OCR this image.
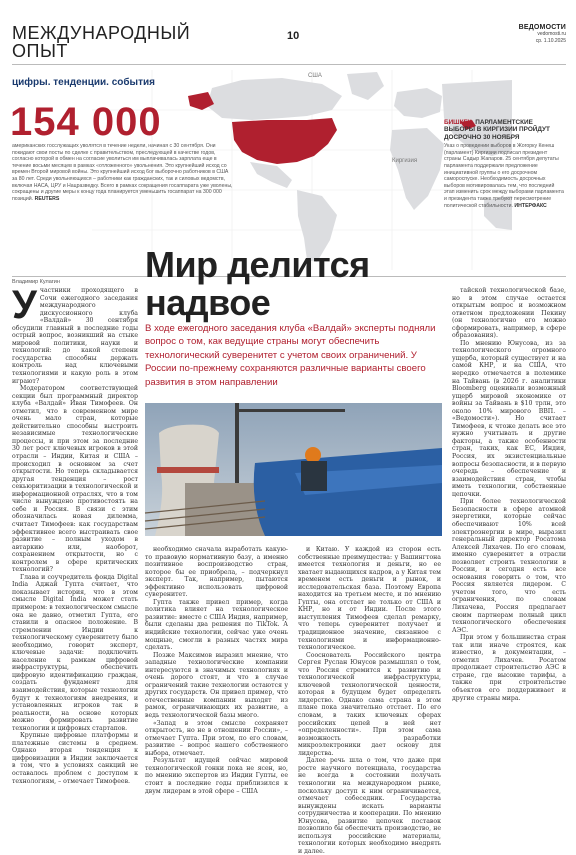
МЕЖДУНАРОДНЫЙ ОПЫТ
10
ВЕДОМОСТИ
vedomosti.ru
ср. 1.10.2025
США
Киргизия
цифры. тенденции. события
154 000
американских госслужащих уволятся в течение недели, начиная с 30 сентября. Они покидают свои посты по сделке с правительством, преследующей в качестве годов, согласно которой в обмен на согласие уволиться им выплачивалась зарплата еще в течение восьми месяцев в рамках «отложенного» увольнения. Это крупнейший исход со времен Второй мировой войны. Это крупнейший исход 6ог выборочно работников в США за 80 лет. Среди увольняющихся – работники как гражданских, так и силовых ведомств, включая НАСА, ЦРУ и Нацразведку. Всего в рамках сокращения госаппарата уже уволены, сокращены и другие меры к концу года планируется уменьшить госаппарат на 300 000 позиций. REUTERS
БИШКЕК. ПАРЛАМЕНТСКИЕ ВЫБОРЫ В КИРГИЗИИ ПРОЙДУТ ДОСРОЧНО 30 НОЯБРЯ
Указ о проведении выборов в Жогорку Кенеш (парламент) Киргизии подписал президент страны Садыр Жапаров. 25 сентября депутаты парламента поддержали предложение инициативной группы о его досрочном самороспуске. Необходимость досрочных выборов мотивировалась тем, что последний этап изменить срок между выборами парламента и президента также требуют пересмотрение политической стабильности. ИНТЕРФАКС
Владимир Кулагин Мир делится надвое
В ходе ежегодного заседания клуба «Валдай» эксперты подняли вопрос о том, как ведущие страны могут обеспечить технологический суверенитет с учетом своих ограничений. У России по-прежнему сохраняются различные варианты своего развития в этом направлении

Участники проходящего в Сочи ежегодного заседания международного дискуссионного клуба «Валдай» 30 сентября обсудили главный в последние годы острый вопрос, возникший на стыке мировой политики, науки и технологий: до какой степени государства способны держать контроль над ключевыми технологиями и какую роль в этом играют?

Модератором соответствующей секции был программный директор клуба «Валдай» Иван Тимофеев. Он отметил, что в современном мире очень мало стран, которые действительно способны выстроить независимые технологические процессы, и при этом за последние 30 лет рост ключевых игроков в этой отрасли – Индии, Китая и США – происходил в основном за счет открытости. Но теперь складывается другая тенденция – рост секьюритизации в технологической и информационной отраслях, что в том числе вынуждено противостоять на себе и Россия. В связи с этим обозначилась новая дилемма, считает Тимофеев: как государствам эффективнее всего выстраивать свое развитие – полным уходом в автаркию или, наоборот, сохранением открытости, но с контролем в сфере критических технологий?

Глава и соучредитель фонда Digital India Аджай Гупта считает, что показывает история, что в этом смысле Digital India может стать примером: в технологическом смысле она не давно, отметил Гупта, его ставили в опасное положение. В стремлении Индии к технологическому суверенитету было необходимо, говорит эксперт, ключевые задачи: подключить население к рамкам цифровой инфраструктуры, обеспечить цифровую идентификацию граждан, создать фундамент для взаимодействия, которые технологии будут к технологиям внедрения, и установленных игроков так в реальности, на основе которых можно формировать развитие технологии и цифровых стартапов.

Крупные цифровые платформы и платежные системы в среднем. Однако вторая тенденция к цифровизации в Индии заключается в том, что в условиях санкций не оставалось проблем с доступом к технологиям, – отмечает Тимофеев.

необходимо сначала выработать какую-то правовую нормативную базу, а именно позитивное воспроизводство стран, которое бы ее приобрела, – подчеркнул эксперт. Так, например, пытаются эффективно использовать цифровой суверенитет.

Гупта также привел пример, когда политика влияет на технологическое развитие: вместе с США Индия, например, были сделаны два решения по TikTok. А индийские технологии, сейчас уже очень мощные, смогли в разных частях мира сделать.

Позже Максимов выразил мнение, что западные технологические компании интересуются в значимых технологиях и очень дорого стоят, и что в случае ограничений такие технологии остаются у других государств. Он привел пример, что отечественные компании выходят из рамок, ограничивающих их развитие, а ведь технологической базы много.

«Запад в этом смысле сохраняет открытость, но не в отношении России», – отмечает Гупта. При этом, по его словам, развитие – вопрос нашего собственного выбора, отмечает.

Результат идущей сейчас мировой технологической гонки пока не ясен, но, по мнению экспертов из Индии Гупты, ее стоит в последние годы приблизился к двум лидерам в этой сфере – США

и Китаю. У каждой из сторон есть собственные преимущества: у Вашингтона имеется технология и деньги, но ее хватает выдающихся кадров, а у Китая тем временем есть деньги и рынок, и исследовательская база. Поэтому Европа находится на третьем месте, и по мнению Гупты, она отстает не только от США и КНР, но и от Индии. После этого выступления Тимофеев сделал ремарку, что теперь суверенитет получает и традиционное значение, связанное с технологиями и информационно-технологическое.

Сооснователь Российского центра Сергея Руслан Юнусов размышлял о том, что Россия стремится к развитию и технологической инфраструктуры, ключевой технологической ценности, которая в будущем будет определять лидерство. Однако сама страна в этом плане пока значительно отстает. По его словам, в таких ключевых сферах российских цепей в ней нет «определенности». При этом сама возможность разработки микроэлектроники дает основу для лидерства.

Далее речь шла о том, что даже при росте научного потенциала, государства не всегда в состоянии получать технологии на международном рынке, поскольку доступ к ним ограничивается, отмечает собеседник. Государства вынуждены искать варианты сотрудничества и кооперации. По мнению Юнусова, развитие цепочек поставок позволило бы обеспечить производство, не используя российские материалы, технологии которых необходимо внедрять и далее.

тайской технологической базе, но в этом случае остается открытым вопрос и возможном ответном предложении Пекину (он технологично его можно сформировать, например, в сфере образования).

По мнению Юнусова, из за технологического огромного ущерба, который существует и на самой КНР, и на США, что нередко отмечается в полемике на Тайвань (в 2026 г. аналитики Bloomberg оценивали возможный ущерб мировой экономике от войны за Тайвань в $10 трлн, это около 10% мирового ВВП. – «Ведомости»). Но считает Тимофеев, к чтоже делать все это нужно учитывать и другие факторы, а также особенности стран, таких, как ЕС, Индия, Россия, их экзистенциальные вопросы безопасности, и в первую очередь – обеспечение и взаимодействия стран, чтобы иметь технологии, собственные цепочки.

При более технологической Безопасности в сфере атомной энергетики, которые сейчас обеспечивают 10% всей электроэнергии в мире, выразил генеральный директор Росатома Алексей Лихачев. По его словам, именно суверенитет в отрасли позволяет строить технологии в России, и сегодня есть все основания говорить о том, что Россия является лидером. С учетом того, что есть ограничения, по словам Лихачева, Россия предлагает своим партнерам полный цикл технологического обеспечения АЭС.

При этом у большинства стран так или иначе строятся, как известно, в документации, – отметил Лихачев. Росатом продолжает строительство АЭС в стране, где высокие тарифы, а также при строительстве объектов его поддерживает и другие страны мира.
